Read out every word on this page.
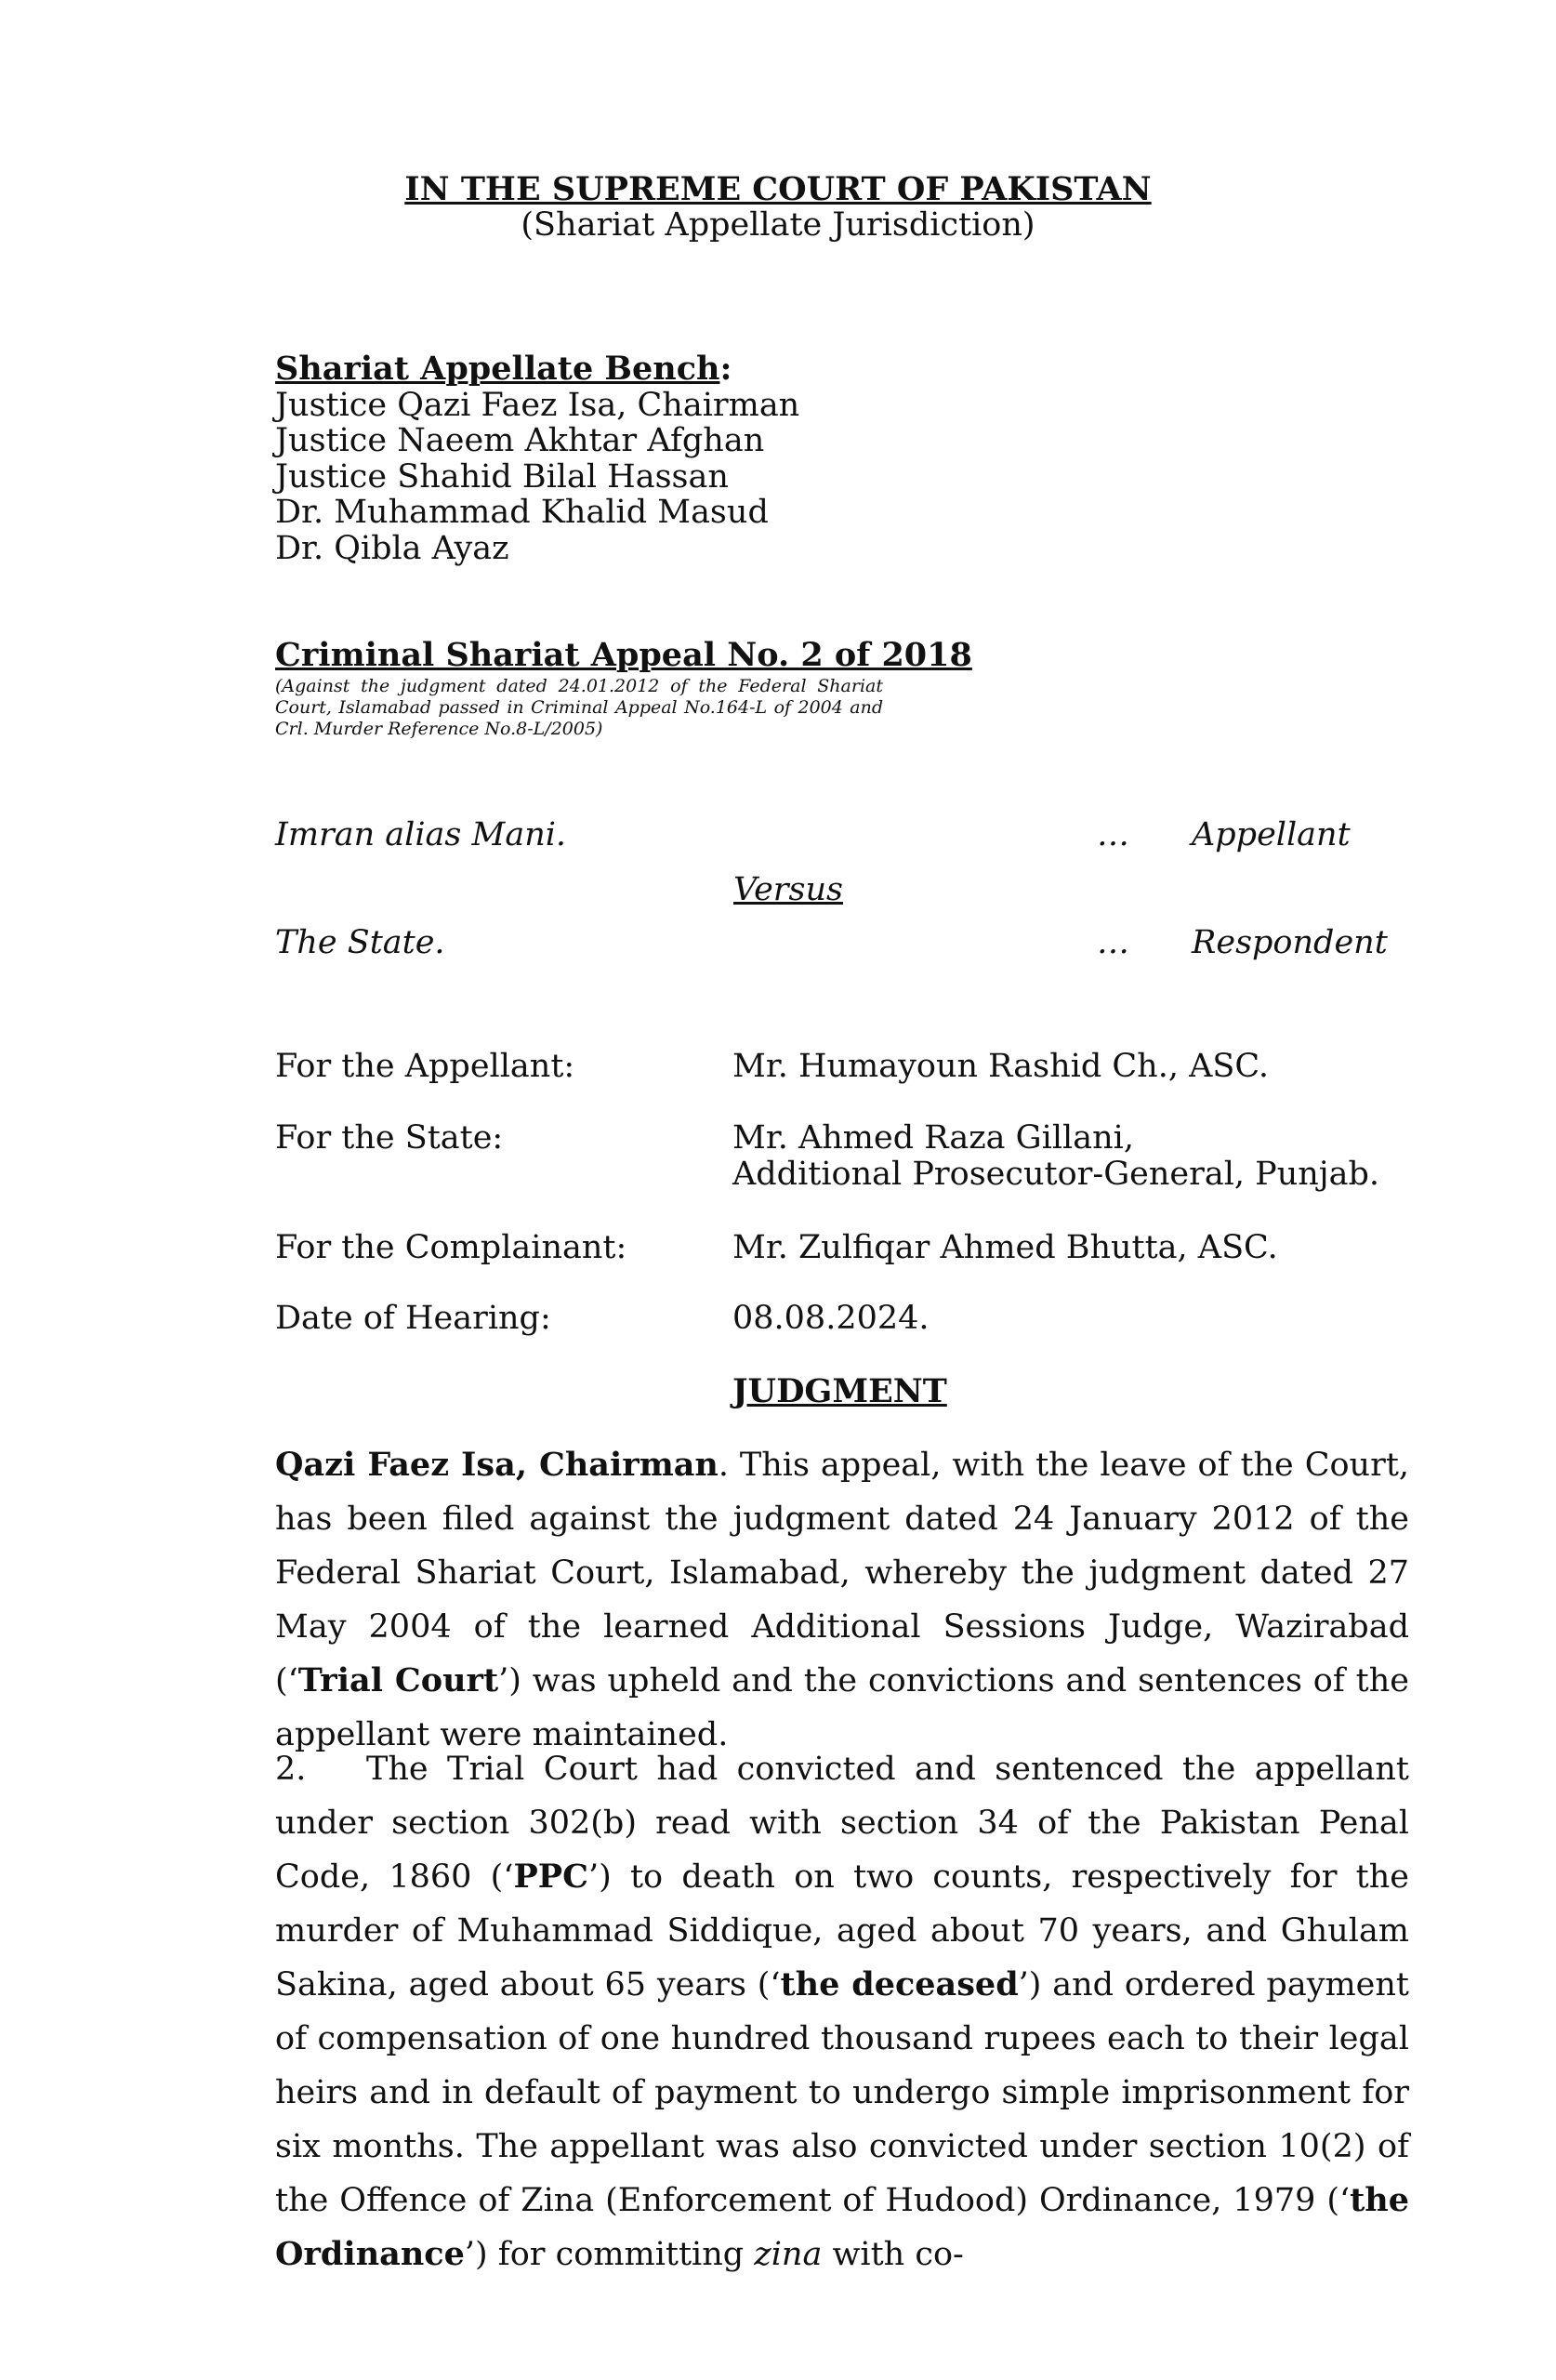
IN THE SUPREME COURT OF PAKISTAN
(Shariat Appellate Jurisdiction)
Shariat Appellate Bench:
Justice Qazi Faez Isa, Chairman
Justice Naeem Akhtar Afghan
Justice Shahid Bilal Hassan
Dr. Muhammad Khalid Masud
Dr. Qibla Ayaz
Criminal Shariat Appeal No. 2 of 2018
(Against the judgment dated 24.01.2012 of the Federal Shariat Court, Islamabad passed in Criminal Appeal No.164-L of 2004 and Crl. Murder Reference No.8-L/2005)
Imran alias Mani.	… Appellant
Versus
The State.	… Respondent
For the Appellant:	Mr. Humayoun Rashid Ch., ASC.
For the State:	Mr. Ahmed Raza Gillani,
Additional Prosecutor-General, Punjab.
For the Complainant:	Mr. Zulfiqar Ahmed Bhutta, ASC.
Date of Hearing:	08.08.2024.
JUDGMENT
Qazi Faez Isa, Chairman. This appeal, with the leave of the Court, has been filed against the judgment dated 24 January 2012 of the Federal Shariat Court, Islamabad, whereby the judgment dated 27 May 2004 of the learned Additional Sessions Judge, Wazirabad (‘Trial Court’) was upheld and the convictions and sentences of the appellant were maintained.
2. The Trial Court had convicted and sentenced the appellant under section 302(b) read with section 34 of the Pakistan Penal Code, 1860 (‘PPC’) to death on two counts, respectively for the murder of Muhammad Siddique, aged about 70 years, and Ghulam Sakina, aged about 65 years (‘the deceased’) and ordered payment of compensation of one hundred thousand rupees each to their legal heirs and in default of payment to undergo simple imprisonment for six months. The appellant was also convicted under section 10(2) of the Offence of Zina (Enforcement of Hudood) Ordinance, 1979 (‘the Ordinance’) for committing zina with co-
